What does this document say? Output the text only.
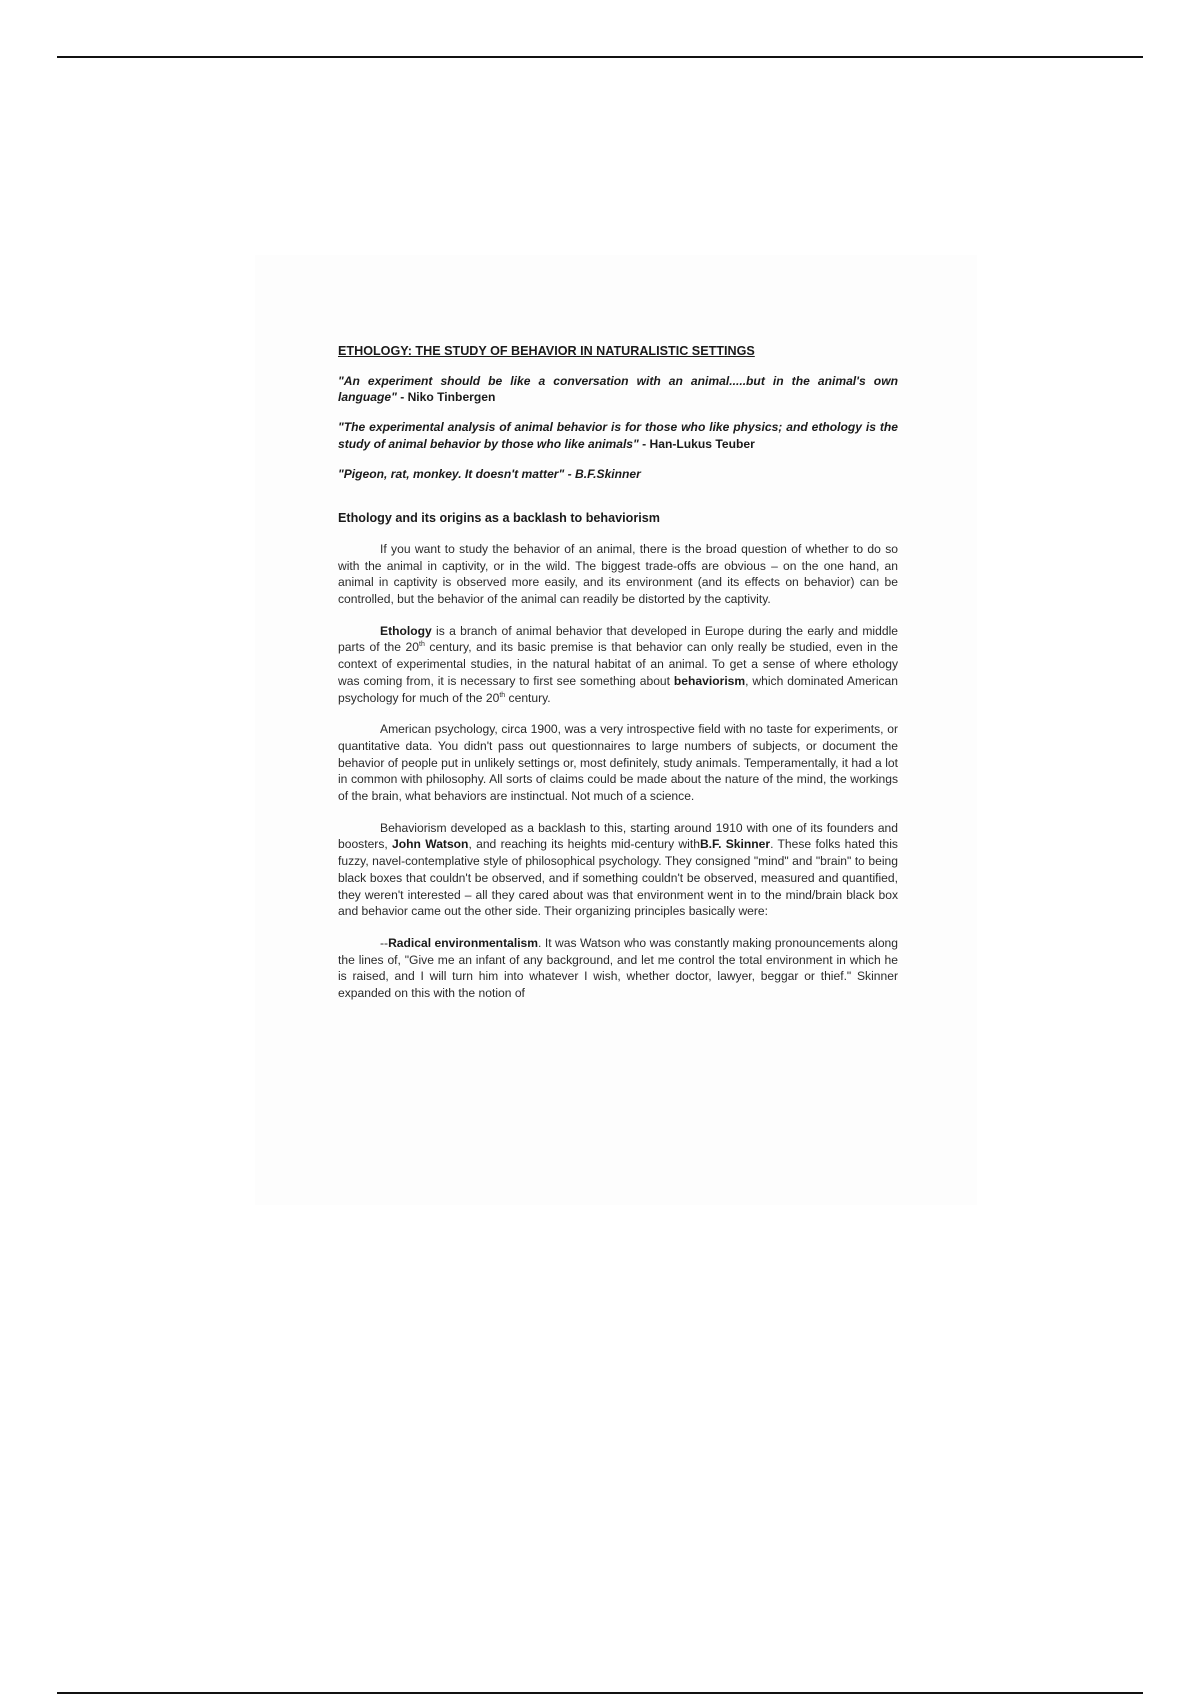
ETHOLOGY: THE STUDY OF BEHAVIOR IN NATURALISTIC SETTINGS
"An experiment should be like a conversation with an animal.....but in the animal's own language" - Niko Tinbergen
"The experimental analysis of animal behavior is for those who like physics; and ethology is the study of animal behavior by those who like animals" - Han-Lukus Teuber
"Pigeon, rat, monkey. It doesn't matter" - B.F.Skinner
Ethology and its origins as a backlash to behaviorism

If you want to study the behavior of an animal, there is the broad question of whether to do so with the animal in captivity, or in the wild. The biggest trade-offs are obvious – on the one hand, an animal in captivity is observed more easily, and its environment (and its effects on behavior) can be controlled, but the behavior of the animal can readily be distorted by the captivity.

Ethology is a branch of animal behavior that developed in Europe during the early and middle parts of the 20th century, and its basic premise is that behavior can only really be studied, even in the context of experimental studies, in the natural habitat of an animal. To get a sense of where ethology was coming from, it is necessary to first see something about behaviorism, which dominated American psychology for much of the 20th century.

American psychology, circa 1900, was a very introspective field with no taste for experiments, or quantitative data. You didn't pass out questionnaires to large numbers of subjects, or document the behavior of people put in unlikely settings or, most definitely, study animals. Temperamentally, it had a lot in common with philosophy. All sorts of claims could be made about the nature of the mind, the workings of the brain, what behaviors are instinctual. Not much of a science.

Behaviorism developed as a backlash to this, starting around 1910 with one of its founders and boosters, John Watson, and reaching its heights mid-century withB.F. Skinner. These folks hated this fuzzy, navel-contemplative style of philosophical psychology. They consigned "mind" and "brain" to being black boxes that couldn't be observed, and if something couldn't be observed, measured and quantified, they weren't interested – all they cared about was that environment went in to the mind/brain black box and behavior came out the other side. Their organizing principles basically were:

--Radical environmentalism. It was Watson who was constantly making pronouncements along the lines of, "Give me an infant of any background, and let me control the total environment in which he is raised, and I will turn him into whatever I wish, whether doctor, lawyer, beggar or thief." Skinner expanded on this with the notion of
